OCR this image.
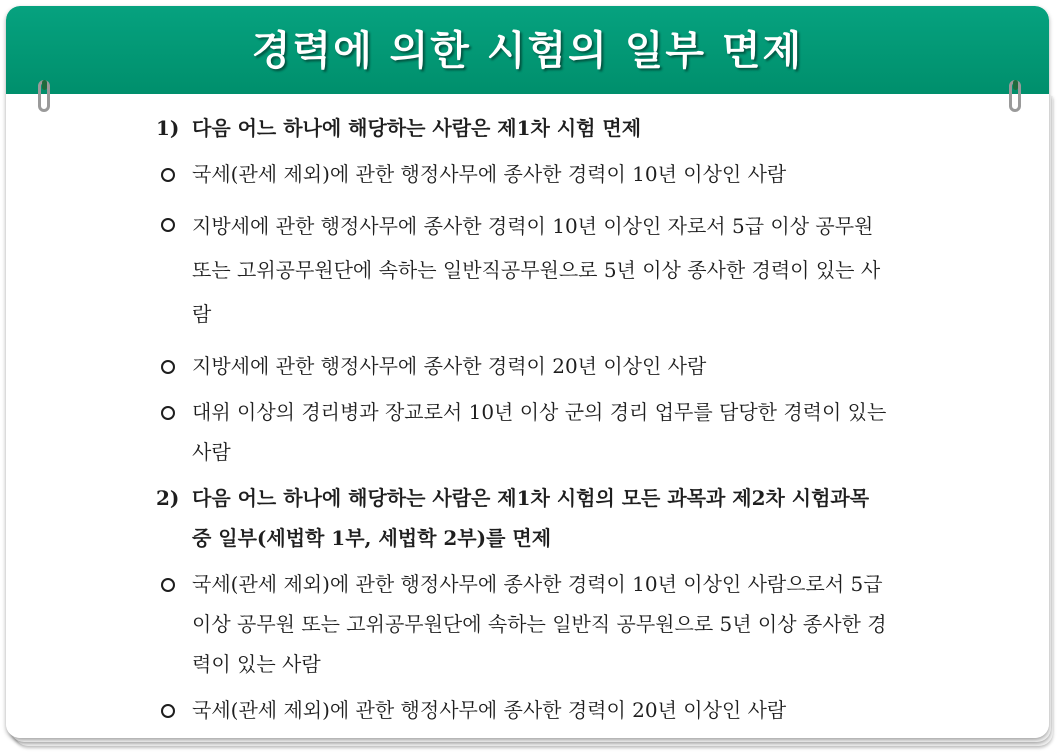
경력에 의한 시험의 일부 면제
1) 다음 어느 하나에 해당하는 사람은 제1차 시험 면제
국세(관세 제외)에 관한 행정사무에 종사한 경력이 10년 이상인 사람
지방세에 관한 행정사무에 종사한 경력이 10년 이상인 자로서 5급 이상 공무원 또는 고위공무원단에 속하는 일반직공무원으로 5년 이상 종사한 경력이 있는 사람
지방세에 관한 행정사무에 종사한 경력이 20년 이상인 사람
대위 이상의 경리병과 장교로서 10년 이상 군의 경리 업무를 담당한 경력이 있는 사람
2) 다음 어느 하나에 해당하는 사람은 제1차 시험의 모든 과목과 제2차 시험과목 중 일부(세법학 1부, 세법학 2부)를 면제
국세(관세 제외)에 관한 행정사무에 종사한 경력이 10년 이상인 사람으로서 5급 이상 공무원 또는 고위공무원단에 속하는 일반직 공무원으로 5년 이상 종사한 경력이 있는 사람
국세(관세 제외)에 관한 행정사무에 종사한 경력이 20년 이상인 사람
